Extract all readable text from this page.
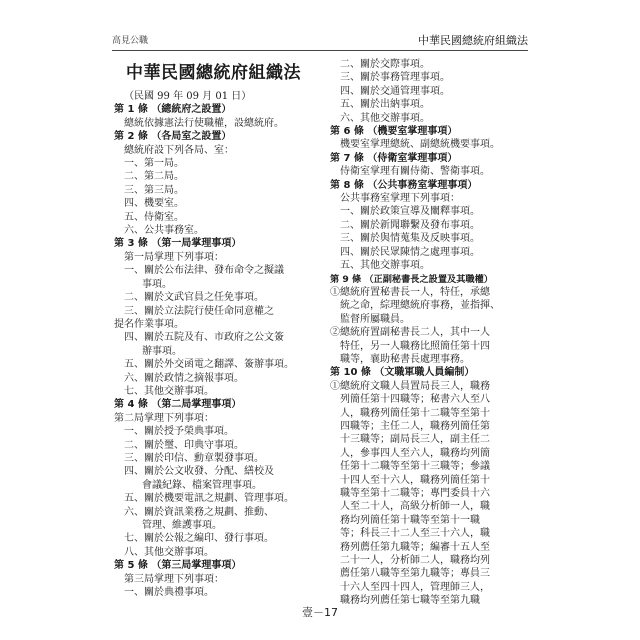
高見公職	中華民國總統府組織法
中華民國總統府組織法
（民國 99 年 09 月 01 日）
第 1 條 （總統府之設置）
總統依據憲法行使職權，設總統府。
第 2 條 （各局室之設置）
總統府設下列各局、室：
一、第一局。
二、第二局。
三、第三局。
四、機要室。
五、侍衛室。
六、公共事務室。
第 3 條 （第一局掌理事項）
第一局掌理下列事項：
一、關於公布法律、發布命令之擬議
事項。
二、關於文武官員之任免事項。
三、關於立法院行使任命同意權之
提名作業事項。
四、關於五院及有、市政府之公文簽
辦事項。
五、關於外交函電之翻譯、簽辦事項。
六、關於政情之摘報事項。
七、其他交辦事項。
第 4 條 （第二局掌理事項）
第二局掌理下列事項：
一、關於授予榮典事項。
二、關於璽、印典守事項。
三、關於印信、勳章製發事項。
四、關於公文收發、分配、繕校及
會議紀錄、檔案管理事項。
五、關於機要電訊之規劃、管理事項。
六、關於資訊業務之規劃、推動、
管理、維護事項。
七、關於公報之編印、發行事項。
八、其他交辦事項。
第 5 條 （第三局掌理事項）
第三局掌理下列事項：
一、關於典禮事項。
二、關於交際事項。
三、關於事務管理事項。
四、關於交通管理事項。
五、關於出納事項。
六、其他交辦事項。
第 6 條 （機要室掌理事項）
機要室掌理總統、副總統機要事項。
第 7 條 （侍衛室掌理事項）
侍衛室掌理有關侍衛、警衛事項。
第 8 條 （公共事務室掌理事項）
公共事務室掌理下列事項：
一、關於政策宣導及闡釋事項。
二、關於新聞聯繫及發布事項。
三、關於與情蒐集及反映事項。
四、關於民眾陳情之處理事項。
五、其他交辦事項。
第 9 條 （正副秘書長之設置及其職權）
①總統府置秘書長一人，特任，承總
統之命，綜理總統府事務，並指揮、
監督所屬職員。
②總統府置副秘書長二人，其中一人
特任，另一人職務比照簡任第十四
職等，襄助秘書長處理事務。
第 10 條 （文職軍職人員編制）
①總統府文職人員置局長三人，職務
列簡任第十四職等；秘書六人至八
人，職務列簡任第十二職等至第十
四職等；主任二人，職務列簡任第
十三職等；副局長三人，副主任二
人，參事四人至六人，職務均列簡
任第十二職等至第十三職等；參議
十四人至十六人，職務列簡任第十
職等至第十二職等；專門委員十六
人至二十人，高級分析師一人，職
務均列簡任第十職等至第十一職
等；科長三十二人至三十六人，職
務列薦任第九職等；編審十五人至
二十一人，分析師二人，職務均列
薦任第八職等至第九職等；專員三
十六人至四十四人，管理師三人，
職務均列薦任第七職等至第九職
壹－17
